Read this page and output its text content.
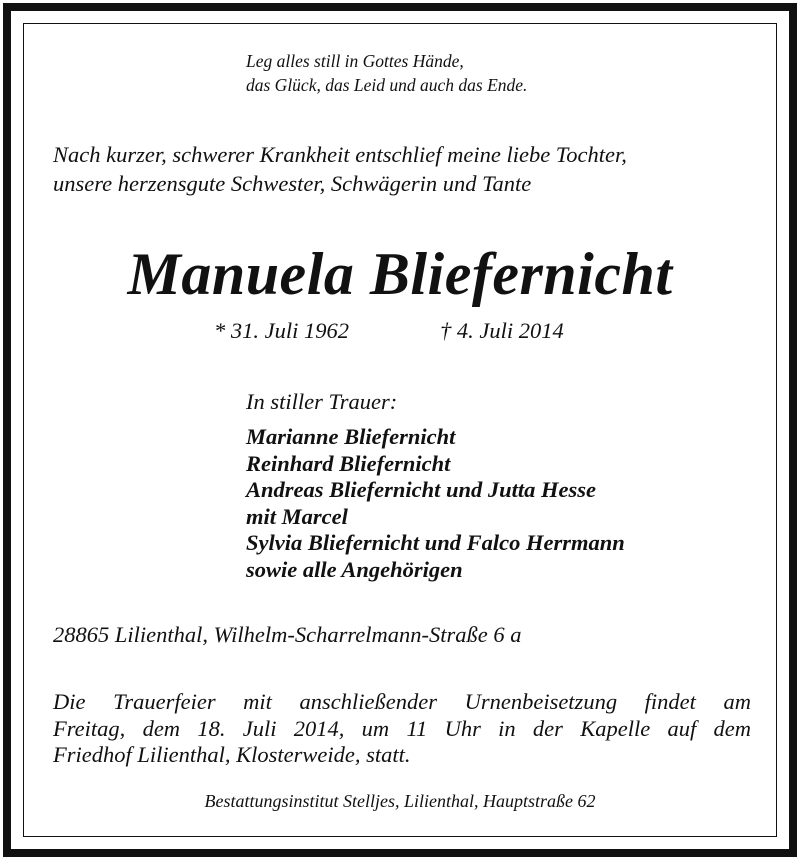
Leg alles still in Gottes Hände,
das Glück, das Leid und auch das Ende.
Nach kurzer, schwerer Krankheit entschlief meine liebe Tochter,
unsere herzensgute Schwester, Schwägerin und Tante
Manuela Bliefernicht
* 31. Juli 1962	† 4. Juli 2014
In stiller Trauer:
Marianne Bliefernicht
Reinhard Bliefernicht
Andreas Bliefernicht und Jutta Hesse
mit Marcel
Sylvia Bliefernicht und Falco Herrmann
sowie alle Angehörigen
28865 Lilienthal, Wilhelm-Scharrelmann-Straße 6 a
Die Trauerfeier mit anschließender Urnenbeisetzung findet am
Freitag, dem 18. Juli 2014, um 11 Uhr in der Kapelle auf dem
Friedhof Lilienthal, Klosterweide, statt.
Bestattungsinstitut Stelljes, Lilienthal, Hauptstraße 62
